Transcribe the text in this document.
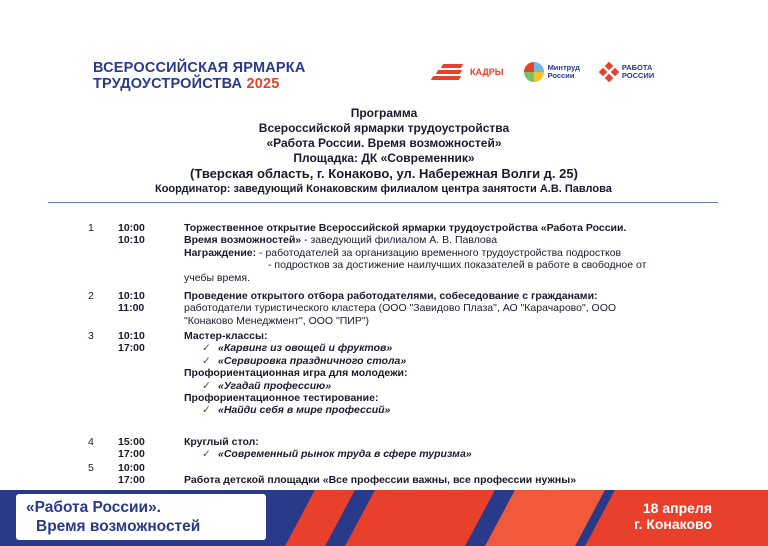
ВСЕРОССИЙСКАЯ ЯРМАРКА
ТРУДОУСТРОЙСТВА 2025
КАДРЫ	Минтруд
России
РАБОТА
РОССИИ
Программа
Всероссийской ярмарки трудоустройства
«Работа России. Время возможностей»
Площадка: ДК «Современник»
(Тверская область, г. Конаково, ул. Набережная Волги д. 25)
Координатор: заведующий Конаковским филиалом центра занятости А.В. Павлова
1 10:00
10:10
Торжественное открытие Всероссийской ярмарки трудоустройства «Работа России.
Время возможностей» - заведующий филиалом А. В. Павлова
Награждение: - работодателей за организацию временного трудоустройства подростков
- подростков за достижение наилучших показателей в работе в свободное от
учебы время.
2 10:10
11:00
Проведение открытого отбора работодателями, собеседование с гражданами:
работодатели туристического кластера (ООО "Завидово Плаза", АО "Карачарово", ООО
"Конаково Менеджмент", ООО "ПИР")
3 10:10
17:00
Мастер-классы:
✓ «Карвинг из овощей и фруктов»
✓ «Сервировка праздничного стола»
Профориентационная игра для молодежи:
✓ «Угадай профессию»
Профориентационное тестирование:
✓ «Найди себя в мире профессий»
4 15:00
17:00
Круглый стол:
✓ «Современный рынок труда в сфере туризма»
5 10:00
17:00	Работа детской площадки «Все профессии важны, все профессии нужны»
«Работа России».
Время возможностей
18 апреля
г. Конаково
